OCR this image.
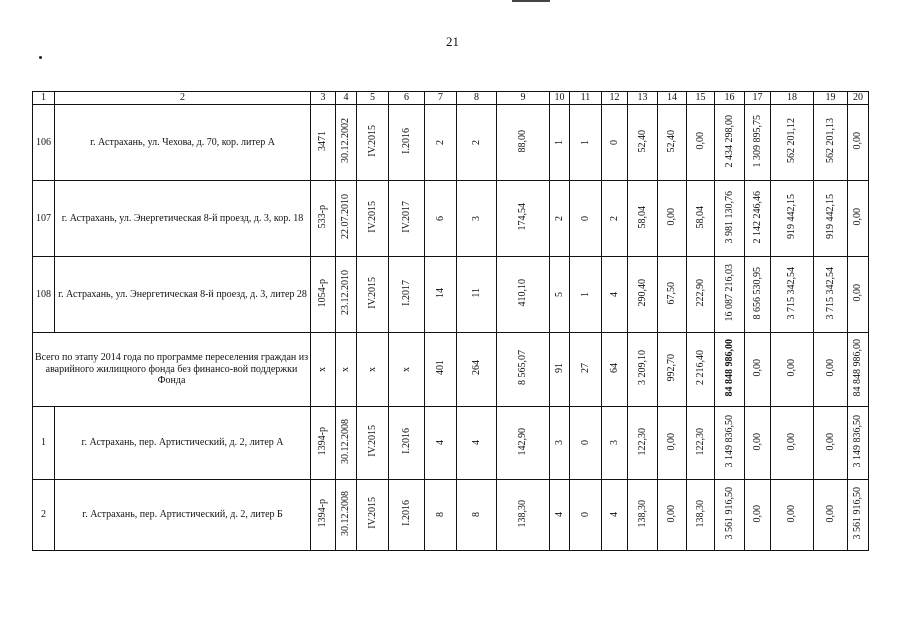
21
1	2	3	4	5	6	7	8	9	10	11	12	13	14	15	16	17	18	19	20
106	г. Астрахань, ул. Чехова, д. 70, кор. литер А	3471	30.12.2002	IV.2015	I.2016	2	2	88,00	1	1	0	52,40	52,40	0,00	2 434 298,00	1 309 895,75	562 201,12	562 201,13	0,00
107	г. Астрахань, ул. Энергетическая 8-й проезд, д. 3, кор. 18	533-р	22.07.2010	IV.2015	IV.2017	6	3	174,54	2	0	2	58,04	0,00	58,04	3 981 130,76	2 142 246,46	919 442,15	919 442,15	0,00
108	г. Астрахань, ул. Энергетическая 8-й проезд, д. 3, литер 28	1054-р	23.12.2010	IV.2015	I.2017	14	11	410,10	5	1	4	290,40	67,50	222,90	16 087 216,03	8 656 530,95	3 715 342,54	3 715 342,54	0,00
Всего по этапу 2014 года по программе переселения граждан из аварийного жилищного фонда без финансо-вой поддержки Фонда		х	х	х	х	401	264	8 565,07	91	27	64	3 209,10	992,70	2 216,40	84 848 986,00	0,00	0,00	0,00	84 848 986,00
1	г. Астрахань, пер. Артистический, д. 2, литер А	1394-р	30.12.2008	IV.2015	I.2016	4	4	142,90	3	0	3	122,30	0,00	122,30	3 149 836,50	0,00	0,00	0,00	3 149 836,50
2	г. Астрахань, пер. Артистический, д. 2, литер Б	1394-р	30.12.2008	IV.2015	I.2016	8	8	138,30	4	0	4	138,30	0,00	138,30	3 561 916,50	0,00	0,00	0,00	3 561 916,50
